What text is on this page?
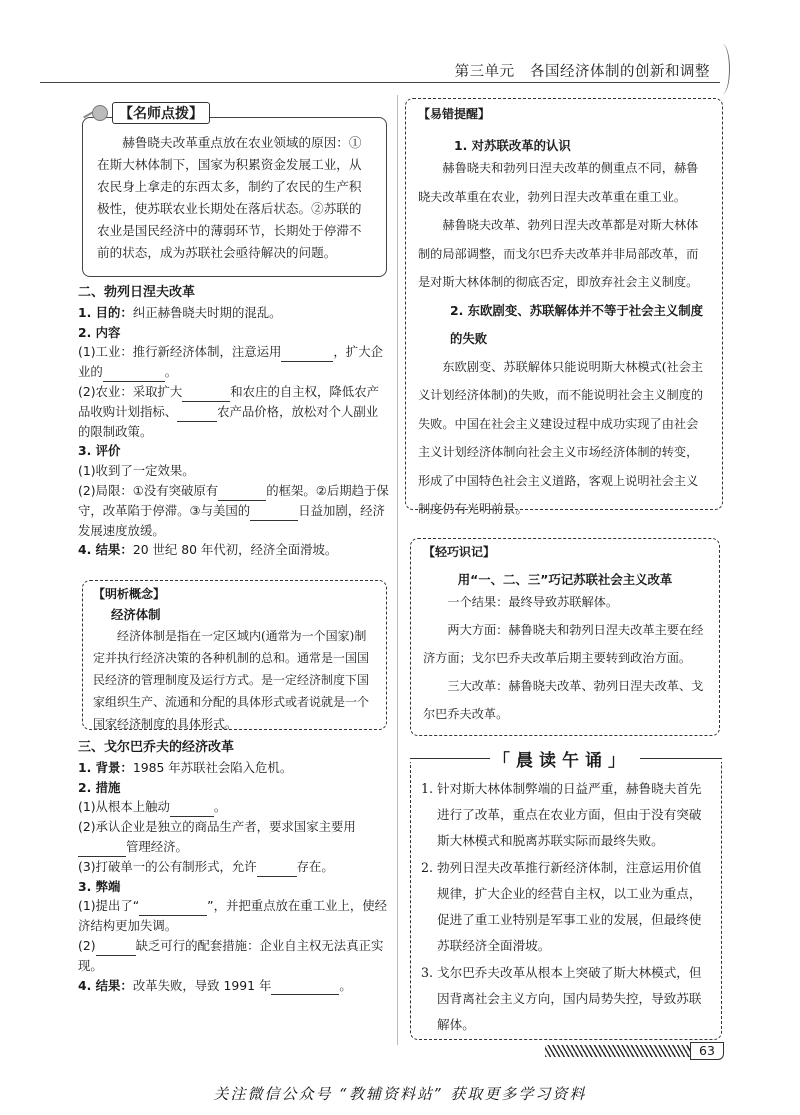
第三单元 各国经济体制的创新和调整
赫鲁晓夫改革重点放在农业领域的原因：①在斯大林体制下，国家为积累资金发展工业，从农民身上拿走的东西太多，制约了农民的生产积极性，使苏联农业长期处在落后状态。②苏联的农业是国民经济中的薄弱环节，长期处于停滞不前的状态，成为苏联社会亟待解决的问题。
【名师点拨】
二、勃列日涅夫改革
1. 目的：纠正赫鲁晓夫时期的混乱。
2. 内容
(1)工业：推行新经济体制，注意运用	，扩大企业的	。
(2)农业：采取扩大	和农庄的自主权，降低农产品收购计划指标、	农产品价格，放松对个人副业的限制政策。
3. 评价
(1)收到了一定效果。
(2)局限：①没有突破原有	的框架。②后期趋于保守，改革陷于停滞。③与美国的	日益加剧，经济发展速度放缓。
4. 结果：20 世纪 80 年代初，经济全面滑坡。
【明析概念】
经济体制
经济体制是指在一定区域内(通常为一个国家)制定并执行经济决策的各种机制的总和。通常是一国国民经济的管理制度及运行方式。是一定经济制度下国家组织生产、流通和分配的具体形式或者说就是一个国家经济制度的具体形式。
三、戈尔巴乔夫的经济改革
1. 背景：1985 年苏联社会陷入危机。
2. 措施
(1)从根本上触动	。
(2)承认企业是独立的商品生产者，要求国家主要用管理经济。
(3)打破单一的公有制形式，允许	存在。
3. 弊端
(1)提出了“	”，并把重点放在重工业上，使经济结构更加失调。
(2)	缺乏可行的配套措施：企业自主权无法真正实现。
4. 结果：改革失败，导致 1991 年	。
【易错提醒】
1. 对苏联改革的认识
赫鲁晓夫和勃列日涅夫改革的侧重点不同，赫鲁晓夫改革重在农业，勃列日涅夫改革重在重工业。
赫鲁晓夫改革、勃列日涅夫改革都是对斯大林体制的局部调整，而戈尔巴乔夫改革并非局部改革，而是对斯大林体制的彻底否定，即放弃社会主义制度。
2. 东欧剧变、苏联解体并不等于社会主义制度的失败
东欧剧变、苏联解体只能说明斯大林模式(社会主义计划经济体制)的失败，而不能说明社会主义制度的失败。中国在社会主义建设过程中成功实现了由社会主义计划经济体制向社会主义市场经济体制的转变，形成了中国特色社会主义道路，客观上说明社会主义制度仍有光明前景。
【轻巧识记】
用“一、二、三”巧记苏联社会主义改革
一个结果：最终导致苏联解体。
两大方面：赫鲁晓夫和勃列日涅夫改革主要在经济方面；戈尔巴乔夫改革后期主要转到政治方面。
三大改革：赫鲁晓夫改革、勃列日涅夫改革、戈尔巴乔夫改革。
「晨读午诵」
1. 针对斯大林体制弊端的日益严重，赫鲁晓夫首先进行了改革，重点在农业方面，但由于没有突破斯大林模式和脱离苏联实际而最终失败。
2. 勃列日涅夫改革推行新经济体制，注意运用价值规律，扩大企业的经营自主权，以工业为重点，促进了重工业特别是军事工业的发展，但最终使苏联经济全面滑坡。
3. 戈尔巴乔夫改革从根本上突破了斯大林模式，但因背离社会主义方向，国内局势失控，导致苏联解体。
63
关注微信公众号 “教辅资料站” 获取更多学习资料
